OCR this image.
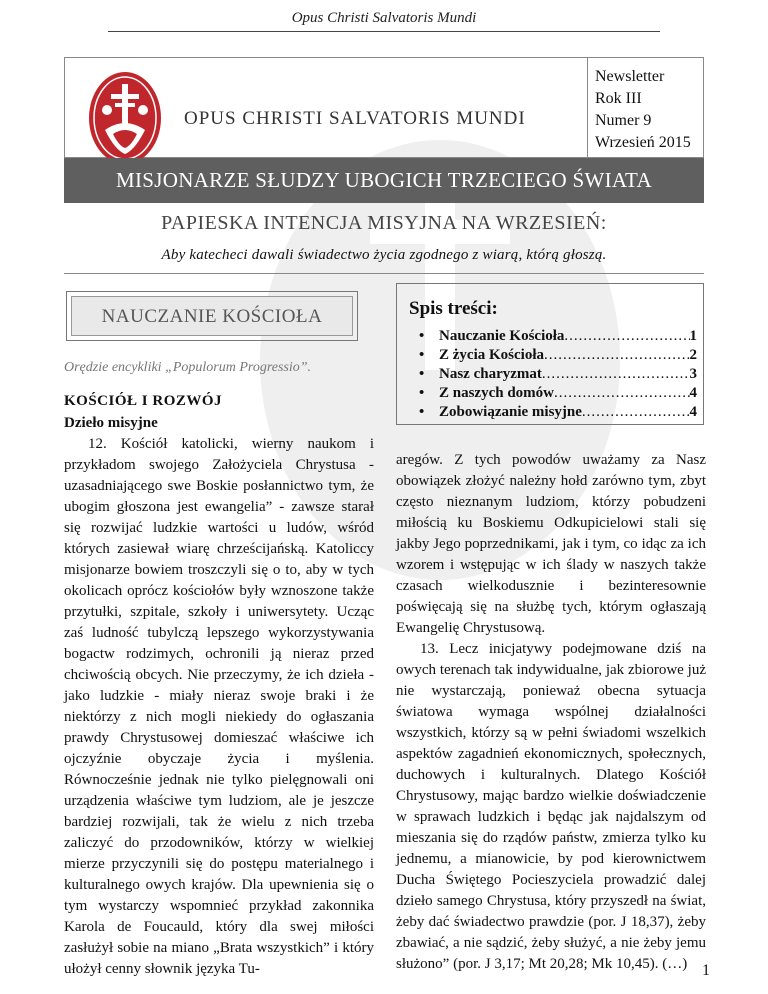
Opus Christi Salvatoris Mundi
OPUS CHRISTI SALVATORIS MUNDI
Newsletter
Rok III
Numer 9
Wrzesień 2015
MISJONARZE SŁUDZY UBOGICH TRZECIEGO ŚWIATA
PAPIESKA INTENCJA MISYJNA NA WRZESIEŃ:
Aby katecheci dawali świadectwo życia zgodnego z wiarą, którą głoszą.
NAUCZANIE KOŚCIOŁA
Orędzie encykliki „Populorum Progressio”.
KOŚCIÓŁ I ROZWÓJ
Dzieło misyjne
12. Kościół katolicki, wierny naukom i przykładom swojego Założyciela Chrystusa - uzasadniającego swe Boskie posłannictwo tym, że ubogim głoszona jest ewangelia” - zawsze starał się rozwijać ludzkie wartości u ludów, wśród których zasiewał wiarę chrześcijańską. Katoliccy misjonarze bowiem troszczyli się o to, aby w tych okolicach oprócz kościołów były wznoszone także przytułki, szpitale, szkoły i uniwersytety. Ucząc zaś ludność tubylczą lepszego wykorzystywania bogactw rodzimych, ochronili ją nieraz przed chciwością obcych. Nie przeczymy, że ich dzieła - jako ludzkie - miały nieraz swoje braki i że niektórzy z nich mogli niekiedy do ogłaszania prawdy Chrystusowej domieszać właściwe ich ojczyźnie obyczaje życia i myślenia. Równocześnie jednak nie tylko pielęgnowali oni urządzenia właściwe tym ludziom, ale je jeszcze bardziej rozwijali, tak że wielu z nich trzeba zaliczyć do przodowników, którzy w wielkiej mierze przyczynili się do postępu materialnego i kulturalnego owych krajów. Dla upewnienia się o tym wystarczy wspomnieć przykład zakonnika Karola de Foucauld, który dla swej miłości zasłużył sobie na miano „Brata wszystkich” i który ułożył cenny słownik języka Tu-
Spis treści:
• Nauczanie Kościoła .....	1
• Z życia Kościoła .....	2
• Nasz charyzmat .....	3
• Z naszych domów .....	4
• Zobowiązanie misyjne .....	4

aregów. Z tych powodów uważamy za Nasz obowiązek złożyć należny hołd zarówno tym, zbyt często nieznanym ludziom, którzy pobudzeni miłością ku Boskiemu Odkupicielowi stali się jakby Jego poprzednikami, jak i tym, co idąc za ich wzorem i wstępując w ich ślady w naszych także czasach wielkodusznie i bezinteresownie poświęcają się na służbę tych, którym ogłaszają Ewangelię Chrystusową.

13. Lecz inicjatywy podejmowane dziś na owych terenach tak indywidualne, jak zbiorowe już nie wystarczają, ponieważ obecna sytuacja światowa wymaga wspólnej działalności wszystkich, którzy są w pełni świadomi wszelkich aspektów zagadnień ekonomicznych, społecznych, duchowych i kulturalnych. Dlatego Kościół Chrystusowy, mając bardzo wielkie doświadczenie w sprawach ludzkich i będąc jak najdalszym od mieszania się do rządów państw, zmierza tylko ku jednemu, a mianowicie, by pod kierownictwem Ducha Świętego Pocieszyciela prowadzić dalej dzieło samego Chrystusa, który przyszedł na świat, żeby dać świadectwo prawdzie (por. J 18,37), żeby zbawiać, a nie sądzić, żeby służyć, a nie żeby jemu służono” (por. J 3,17; Mt 20,28; Mk 10,45). (…) 1
